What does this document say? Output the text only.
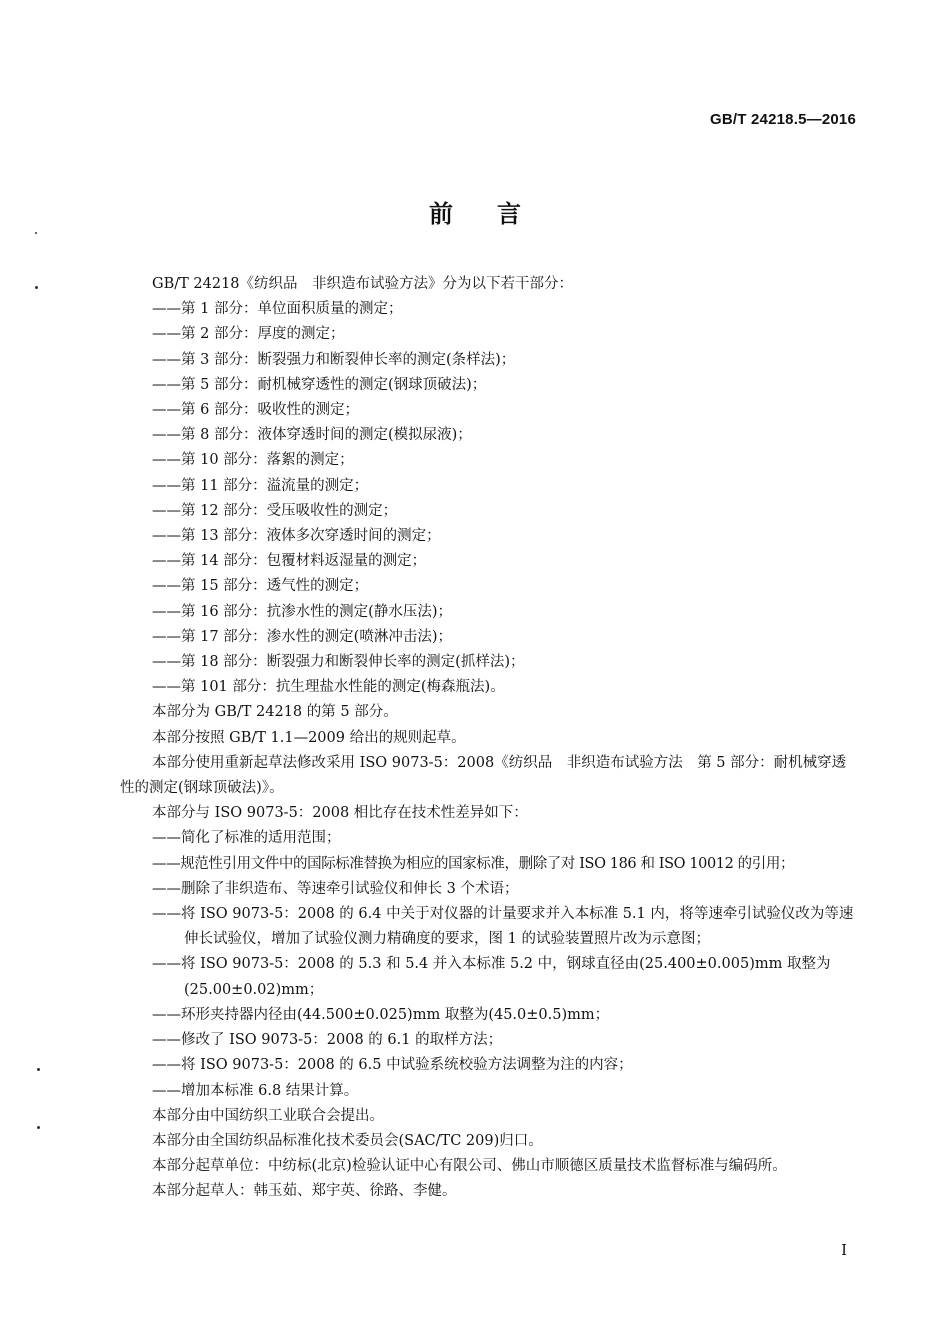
GB/T 24218.5—2016
前言

GB/T 24218《纺织品　非织造布试验方法》分为以下若干部分：

——第 1 部分：单位面积质量的测定；

——第 2 部分：厚度的测定；

——第 3 部分：断裂强力和断裂伸长率的测定(条样法)；

——第 5 部分：耐机械穿透性的测定(钢球顶破法)；

——第 6 部分：吸收性的测定；

——第 8 部分：液体穿透时间的测定(模拟尿液)；

——第 10 部分：落絮的测定；

——第 11 部分：溢流量的测定；

——第 12 部分：受压吸收性的测定；

——第 13 部分：液体多次穿透时间的测定；

——第 14 部分：包覆材料返湿量的测定；

——第 15 部分：透气性的测定；

——第 16 部分：抗渗水性的测定(静水压法)；

——第 17 部分：渗水性的测定(喷淋冲击法)；

——第 18 部分：断裂强力和断裂伸长率的测定(抓样法)；

——第 101 部分：抗生理盐水性能的测定(梅森瓶法)。

本部分为 GB/T 24218 的第 5 部分。

本部分按照 GB/T 1.1—2009 给出的规则起草。

本部分使用重新起草法修改采用 ISO 9073-5：2008《纺织品　非织造布试验方法　第 5 部分：耐机械穿透性的测定(钢球顶破法)》。

本部分与 ISO 9073-5：2008 相比存在技术性差异如下：

——简化了标准的适用范围；

——规范性引用文件中的国际标准替换为相应的国家标准，删除了对 ISO 186 和 ISO 10012 的引用；

——删除了非织造布、等速牵引试验仪和伸长 3 个术语；

——将 ISO 9073-5：2008 的 6.4 中关于对仪器的计量要求并入本标准 5.1 内，将等速牵引试验仪改为等速伸长试验仪，增加了试验仪测力精确度的要求，图 1 的试验装置照片改为示意图；

——将 ISO 9073-5：2008 的 5.3 和 5.4 并入本标准 5.2 中，钢球直径由(25.400±0.005)mm 取整为(25.00±0.02)mm；

——环形夹持器内径由(44.500±0.025)mm 取整为(45.0±0.5)mm；

——修改了 ISO 9073-5：2008 的 6.1 的取样方法；

——将 ISO 9073-5：2008 的 6.5 中试验系统校验方法调整为注的内容；

——增加本标准 6.8 结果计算。

本部分由中国纺织工业联合会提出。

本部分由全国纺织品标准化技术委员会(SAC/TC 209)归口。

本部分起草单位：中纺标(北京)检验认证中心有限公司、佛山市顺德区质量技术监督标准与编码所。

本部分起草人：韩玉茹、郑宇英、徐路、李健。

I
